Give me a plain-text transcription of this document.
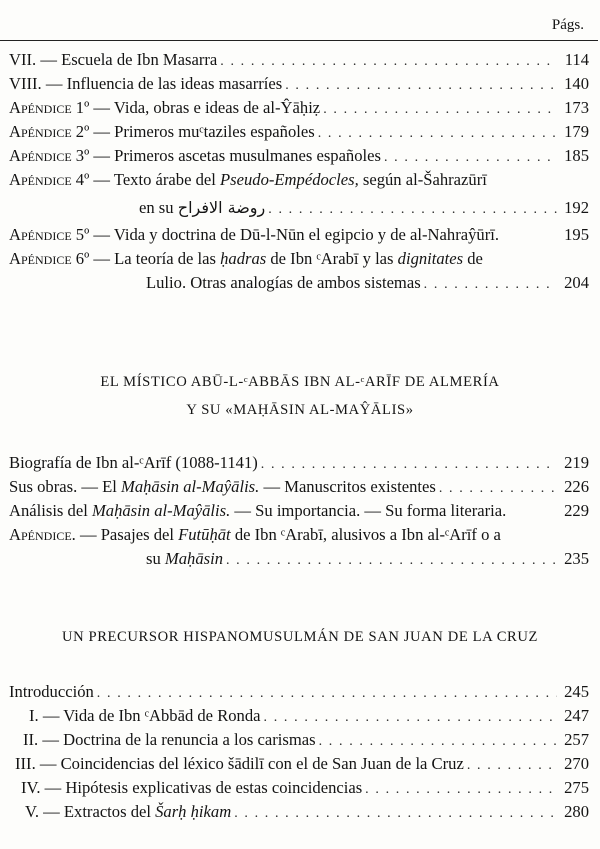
Págs.
VII. — Escuela de Ibn Masarra . . .	114
VIII. — Influencia de las ideas masarríes . . .	140
Apéndice 1º — Vida, obras e ideas de al-Ŷāḥiẓ . . .	173
Apéndice 2º — Primeros muᶜtaziles españoles . . .	179
Apéndice 3º — Primeros ascetas musulmanes españoles . . .	185
Apéndice 4º — Texto árabe del Pseudo-Empédocles, según al-Šahrazūrī
en su روضة الافراح . . .	192
Apéndice 5º — Vida y doctrina de Dū-l-Nūn el egipcio y de al-Nahraŷūrī.	195
Apéndice 6º — La teoría de las ḥadras de Ibn ᶜArabī y las dignitates de
Lulio. Otras analogías de ambos sistemas . . .	204
EL MÍSTICO ABŪ-L-ᶜABBĀS IBN AL-ᶜARĪF DE ALMERÍA
Y SU «MAḤĀSIN AL-MAŶĀLIS»
Biografía de Ibn al-ᶜArīf (1088-1141) . . .	219
Sus obras. — El Maḥāsin al-Maŷālis. — Manuscritos existentes . . .	226
Análisis del Maḥāsin al-Maŷālis. — Su importancia. — Su forma literaria.	229
Apéndice. — Pasajes del Futūḥāt de Ibn ᶜArabī, alusivos a Ibn al-ᶜArīf o a
su Maḥāsin . . .	235
UN PRECURSOR HISPANOMUSULMÁN DE SAN JUAN DE LA CRUZ
Introducción . . .	245
I. — Vida de Ibn ᶜAbbād de Ronda . . .	247
II. — Doctrina de la renuncia a los carismas . . .	257
III. — Coincidencias del léxico šādilī con el de San Juan de la Cruz . . .	270
IV. — Hipótesis explicativas de estas coincidencias . . .	275
V. — Extractos del Šarḥ ḥikam . . .	280
